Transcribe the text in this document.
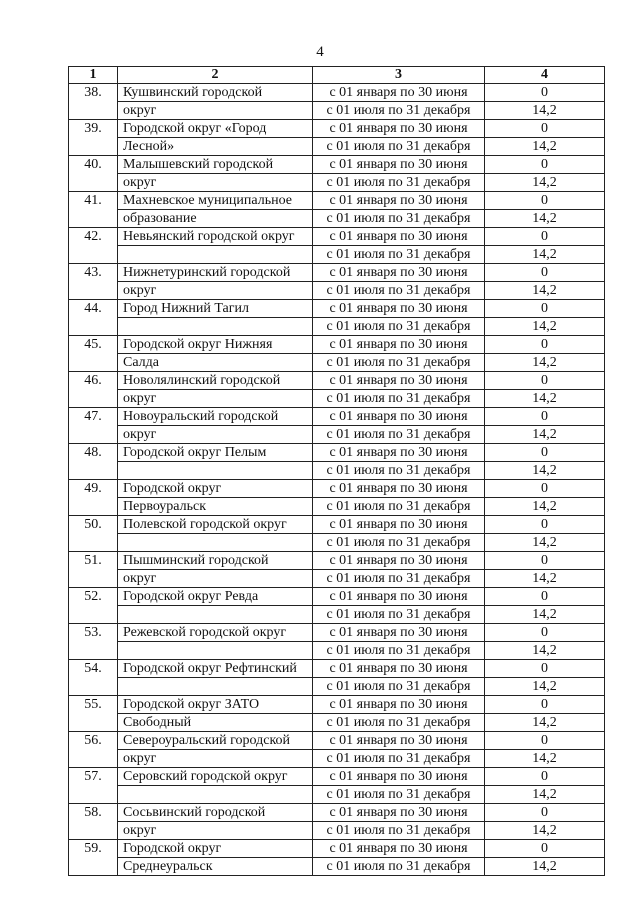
4
1	2	3	4
38.	Кушвинский городской	с 01 января по 30 июня	0
	округ	с 01 июля по 31 декабря	14,2
39.	Городской округ «Город	с 01 января по 30 июня	0
	Лесной»	с 01 июля по 31 декабря	14,2
40.	Малышевский городской	с 01 января по 30 июня	0
	округ	с 01 июля по 31 декабря	14,2
41.	Махневское муниципальное	с 01 января по 30 июня	0
	образование	с 01 июля по 31 декабря	14,2
42.	Невьянский городской округ	с 01 января по 30 июня	0
		с 01 июля по 31 декабря	14,2
43.	Нижнетуринский городской	с 01 января по 30 июня	0
	округ	с 01 июля по 31 декабря	14,2
44.	Город Нижний Тагил	с 01 января по 30 июня	0
		с 01 июля по 31 декабря	14,2
45.	Городской округ Нижняя	с 01 января по 30 июня	0
	Салда	с 01 июля по 31 декабря	14,2
46.	Новолялинский городской	с 01 января по 30 июня	0
	округ	с 01 июля по 31 декабря	14,2
47.	Новоуральский городской	с 01 января по 30 июня	0
	округ	с 01 июля по 31 декабря	14,2
48.	Городской округ Пелым	с 01 января по 30 июня	0
		с 01 июля по 31 декабря	14,2
49.	Городской округ	с 01 января по 30 июня	0
	Первоуральск	с 01 июля по 31 декабря	14,2
50.	Полевской городской округ	с 01 января по 30 июня	0
		с 01 июля по 31 декабря	14,2
51.	Пышминский городской	с 01 января по 30 июня	0
	округ	с 01 июля по 31 декабря	14,2
52.	Городской округ Ревда	с 01 января по 30 июня	0
		с 01 июля по 31 декабря	14,2
53.	Режевской городской округ	с 01 января по 30 июня	0
		с 01 июля по 31 декабря	14,2
54.	Городской округ Рефтинский	с 01 января по 30 июня	0
		с 01 июля по 31 декабря	14,2
55.	Городской округ ЗАТО	с 01 января по 30 июня	0
	Свободный	с 01 июля по 31 декабря	14,2
56.	Североуральский городской	с 01 января по 30 июня	0
	округ	с 01 июля по 31 декабря	14,2
57.	Серовский городской округ	с 01 января по 30 июня	0
		с 01 июля по 31 декабря	14,2
58.	Сосьвинский городской	с 01 января по 30 июня	0
	округ	с 01 июля по 31 декабря	14,2
59.	Городской округ	с 01 января по 30 июня	0
	Среднеуральск	с 01 июля по 31 декабря	14,2
